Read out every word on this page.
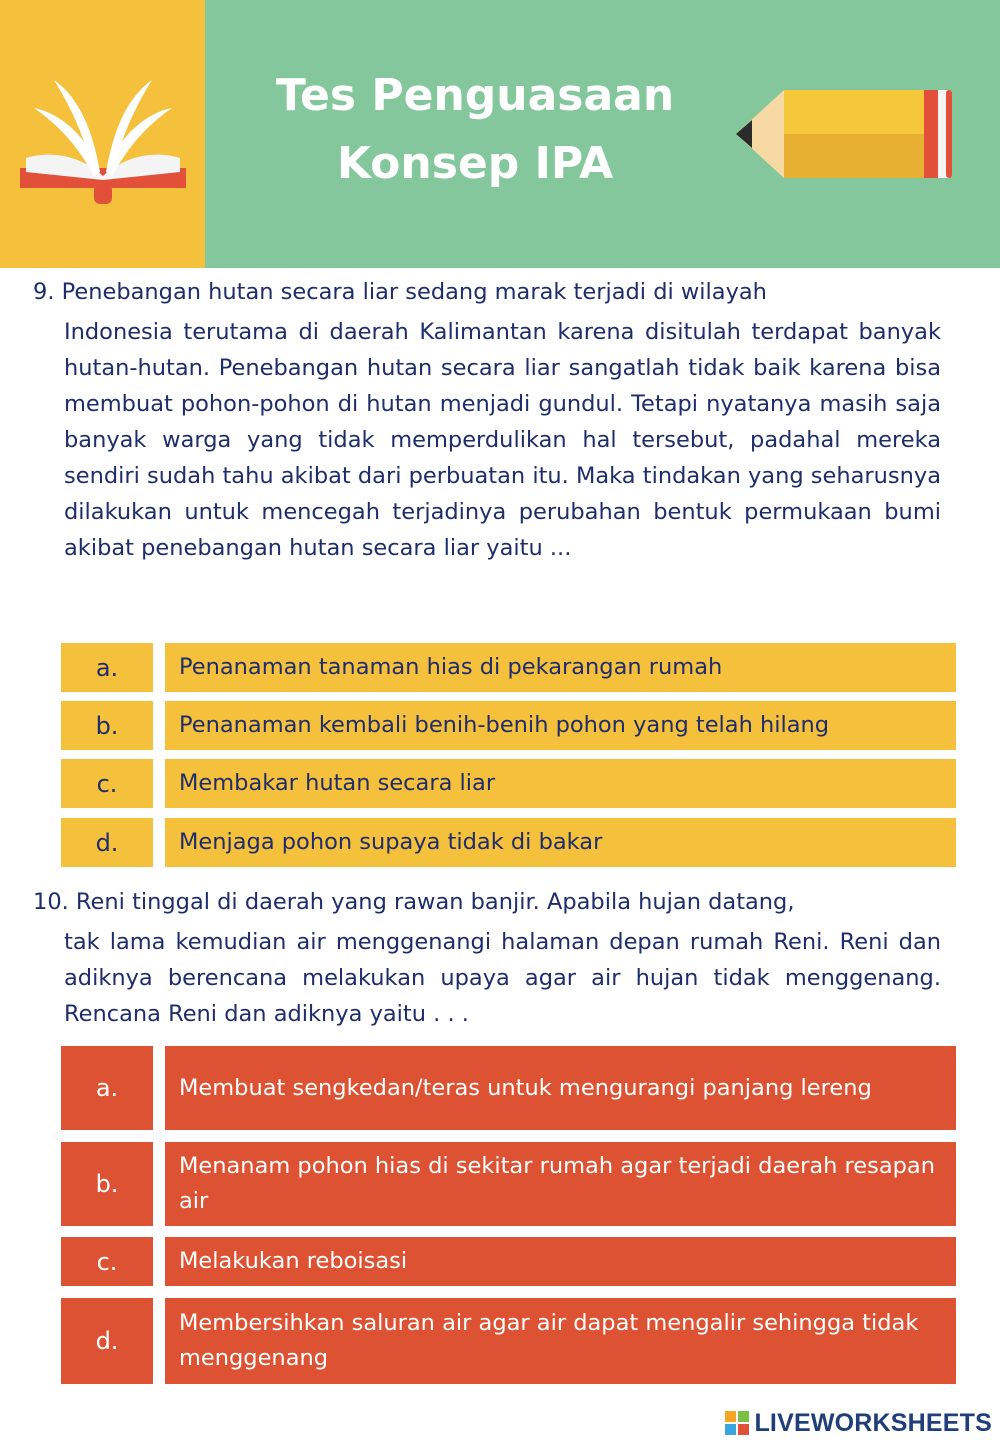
Tes Penguasaan
Konsep IPA
9. Penebangan hutan secara liar sedang marak terjadi di wilayah
Indonesia terutama di daerah Kalimantan karena disitulah terdapat banyak hutan-hutan. Penebangan hutan secara liar sangatlah tidak baik karena bisa membuat pohon-pohon di hutan menjadi gundul. Tetapi nyatanya masih saja banyak warga yang tidak memperdulikan hal tersebut, padahal mereka sendiri sudah tahu akibat dari perbuatan itu. Maka tindakan yang seharusnya dilakukan untuk mencegah terjadinya perubahan bentuk permukaan bumi akibat penebangan hutan secara liar yaitu ...
a.	Penanaman tanaman hias di pekarangan rumah
b.	Penanaman kembali benih-benih pohon yang telah hilang
c.	Membakar hutan secara liar
d.	Menjaga pohon supaya tidak di bakar
10. Reni tinggal di daerah yang rawan banjir. Apabila hujan datang,
tak lama kemudian air menggenangi halaman depan rumah Reni. Reni dan adiknya berencana melakukan upaya agar air hujan tidak menggenang. Rencana Reni dan adiknya yaitu . . .
a.	Membuat sengkedan/teras untuk mengurangi panjang lereng
b.
Menanam pohon hias di sekitar rumah agar terjadi daerah resapan air
c.	Melakukan reboisasi
d.
Membersihkan saluran air agar air dapat mengalir sehingga tidak menggenang
LIVEWORKSHEETS
